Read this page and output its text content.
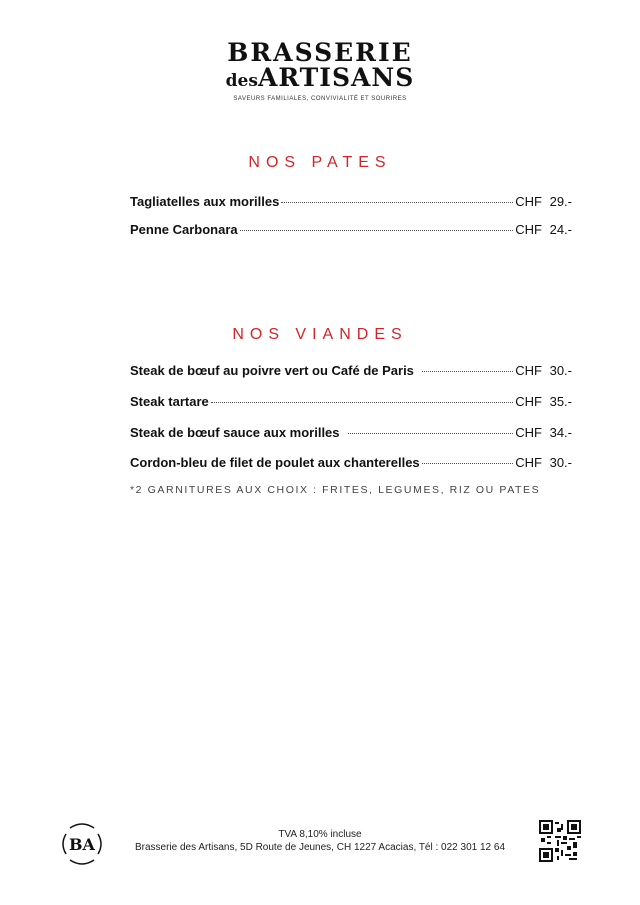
BRASSERIE
desARTISANS
SAVEURS FAMILIALES, CONVIVIALITÉ ET SOURIRES
NOS PATES
Tagliatelles aux morilles	CHF 29.-
Penne Carbonara	CHF 24.-
NOS VIANDES
Steak de bœuf au poivre vert ou Café de Paris	CHF 30.-
Steak tartare	CHF 35.-
Steak de bœuf sauce aux morilles	CHF 34.-
Cordon-bleu de filet de poulet aux chanterelles	CHF 30.-
*2 GARNITURES AUX CHOIX : FRITES, LEGUMES, RIZ OU PATES
BA
TVA 8,10% incluse
Brasserie des Artisans, 5D Route de Jeunes, CH 1227 Acacias, Tél : 022 301 12 64
